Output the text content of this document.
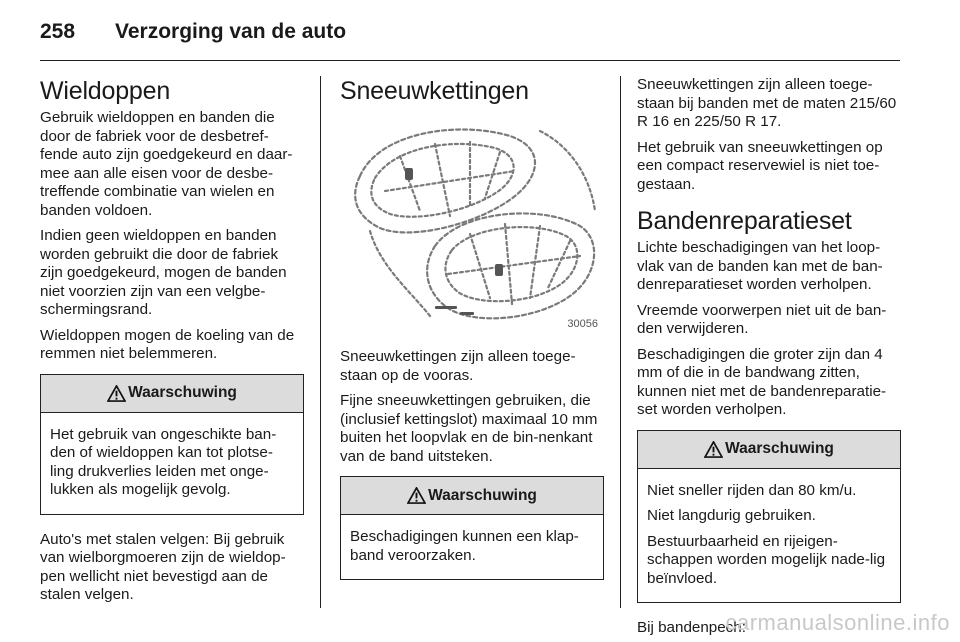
258	Verzorging van de auto
Wieldoppen

Gebruik wieldoppen en banden die door de fabriek voor de desbetref-fende auto zijn goedgekeurd en daar-mee aan alle eisen voor de desbe-treffende combinatie van wielen en banden voldoen.

Indien geen wieldoppen en banden worden gebruikt die door de fabriek zijn goedgekeurd, mogen de banden niet voorzien zijn van een velgbe-schermingsrand.

Wieldoppen mogen de koeling van de remmen niet belemmeren.

Waarschuwing

Het gebruik van ongeschikte ban-den of wieldoppen kan tot plotse-ling drukverlies leiden met onge-lukken als mogelijk gevolg.

Auto's met stalen velgen: Bij gebruik van wielborgmoeren zijn de wieldop-pen wellicht niet bevestigd aan de stalen velgen.

Sneeuwkettingen
30056

Sneeuwkettingen zijn alleen toege-staan op de vooras.

Fijne sneeuwkettingen gebruiken, die (inclusief kettingslot) maximaal 10 mm buiten het loopvlak en de bin-nenkant van de band uitsteken.

Waarschuwing

Beschadigingen kunnen een klap-band veroorzaken.

Sneeuwkettingen zijn alleen toege-staan bij banden met de maten 215/60 R 16 en 225/50 R 17.

Het gebruik van sneeuwkettingen op een compact reservewiel is niet toe-gestaan.

Bandenreparatieset

Lichte beschadigingen van het loop-vlak van de banden kan met de ban-denreparatieset worden verholpen.

Vreemde voorwerpen niet uit de ban-den verwijderen.

Beschadigingen die groter zijn dan 4 mm of die in de bandwang zitten, kunnen niet met de bandenreparatie-set worden verholpen.

Waarschuwing

Niet sneller rijden dan 80 km/u.

Niet langdurig gebruiken.

Bestuurbaarheid en rijeigen-schappen worden mogelijk nade-lig beïnvloed.

Bij bandenpech:

carmanualsonline.info
